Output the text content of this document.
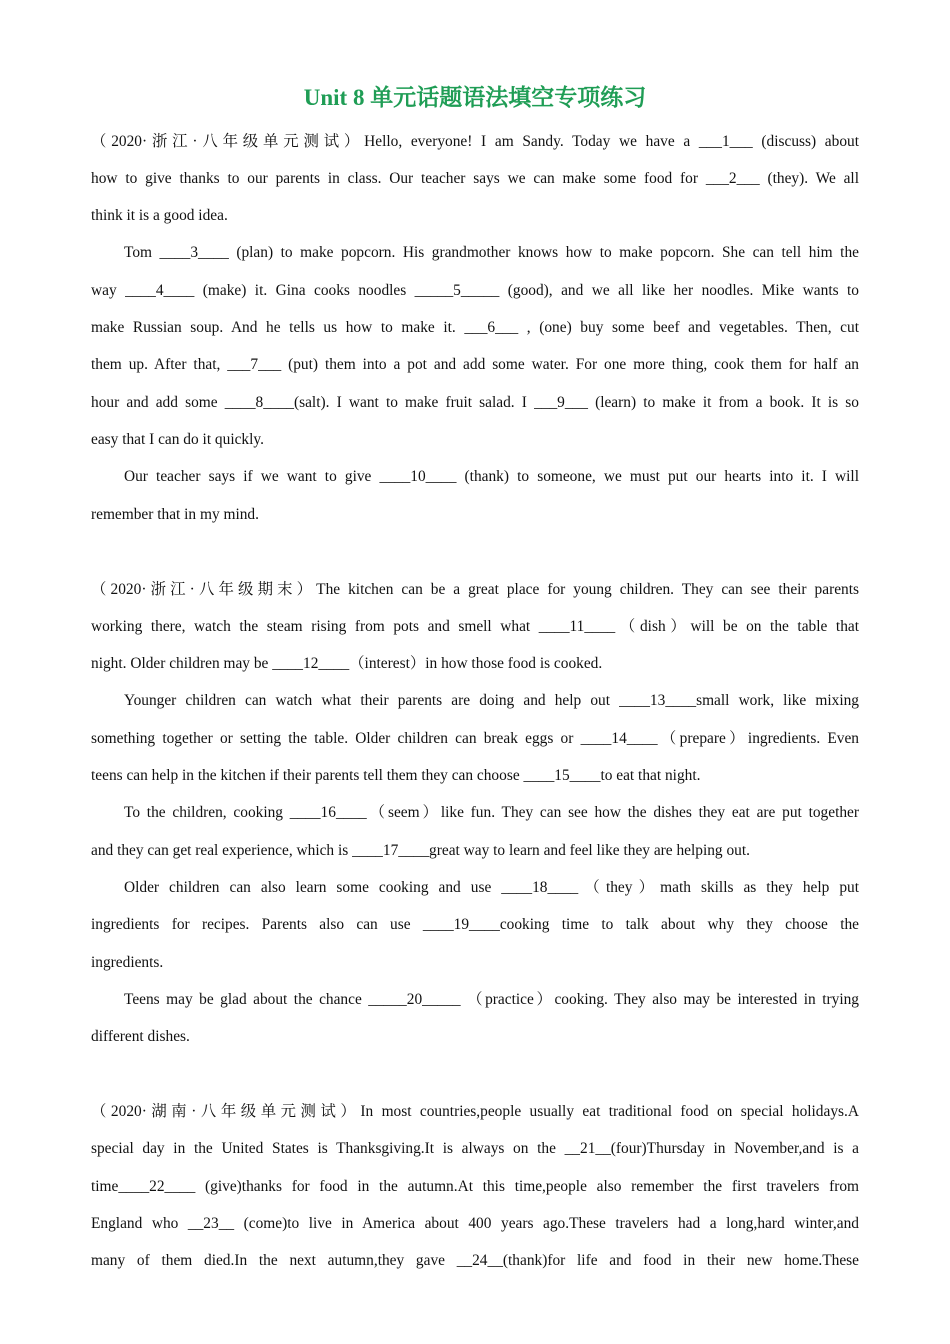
Unit 8 单元话题语法填空专项练习

（2020·浙江·八年级单元测试）Hello, everyone! I am Sandy. Today we have a ___1___ (discuss) about

how to give thanks to our parents in class. Our teacher says we can make some food for ___2___ (they). We all

think it is a good idea.

Tom ____3____ (plan) to make popcorn. His grandmother knows how to make popcorn. She can tell him the

way ____4____ (make) it. Gina cooks noodles _____5_____ (good), and we all like her noodles. Mike wants to

make Russian soup. And he tells us how to make it. ___6___ , (one) buy some beef and vegetables. Then, cut

them up. After that, ___7___ (put) them into a pot and add some water. For one more thing, cook them for half an

hour and add some ____8____(salt). I want to make fruit salad. I ___9___ (learn) to make it from a book. It is so

easy that I can do it quickly.

Our teacher says if we want to give ____10____ (thank) to someone, we must put our hearts into it. I will

remember that in my mind.

（2020·浙江·八年级期末）The kitchen can be a great place for young children. They can see their parents

working there, watch the steam rising from pots and smell what ____11____（dish）will be on the table that

night. Older children may be ____12____（interest）in how those food is cooked.

Younger children can watch what their parents are doing and help out ____13____small work, like mixing

something together or setting the table. Older children can break eggs or ____14____（prepare）ingredients. Even

teens can help in the kitchen if their parents tell them they can choose ____15____to eat that night.

To the children, cooking ____16____（seem）like fun. They can see how the dishes they eat are put together

and they can get real experience, which is ____17____great way to learn and feel like they are helping out.

Older children can also learn some cooking and use ____18____（they）math skills as they help put

ingredients for recipes. Parents also can use ____19____cooking time to talk about why they choose the

ingredients.

Teens may be glad about the chance _____20_____ （practice）cooking. They also may be interested in trying

different dishes.

（2020·湖南·八年级单元测试）In most countries,people usually eat traditional food on special holidays.A

special day in the United States is Thanksgiving.It is always on the __21__(four)Thursday in November,and is a

time____22____ (give)thanks for food in the autumn.At this time,people also remember the first travelers from

England who __23__ (come)to live in America about 400 years ago.These travelers had a long,hard winter,and

many of them died.In the next autumn,they gave __24__(thank)for life and food in their new home.These
